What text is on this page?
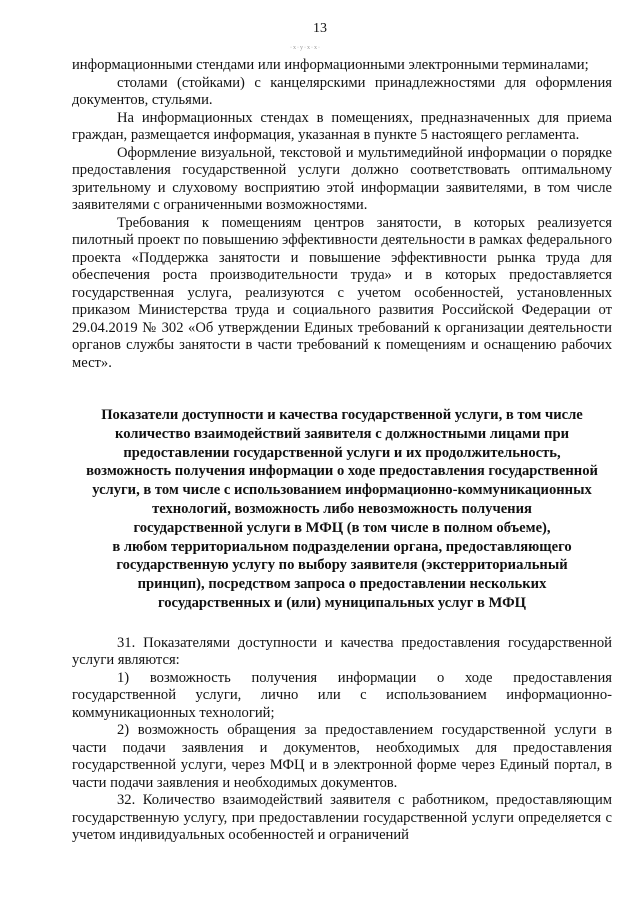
13
·x·y·x·x·

информационными стендами или информационными электронными терминалами;

столами (стойками) с канцелярскими принадлежностями для оформления документов, стульями.

На информационных стендах в помещениях, предназначенных для приема граждан, размещается информация, указанная в пункте 5 настоящего регламента.

Оформление визуальной, текстовой и мультимедийной информации о порядке предоставления государственной услуги должно соответствовать оптимальному зрительному и слуховому восприятию этой информации заявителями, в том числе заявителями с ограниченными возможностями.

Требования к помещениям центров занятости, в которых реализуется пилотный проект по повышению эффективности деятельности в рамках федерального проекта «Поддержка занятости и повышение эффективности рынка труда для обеспечения роста производительности труда» и в которых предоставляется государственная услуга, реализуются с учетом особенностей, установленных приказом Министерства труда и социального развития Российской Федерации от 29.04.2019 № 302 «Об утверждении Единых требований к организации деятельности органов службы занятости в части требований к помещениям и оснащению рабочих мест».

Показатели доступности и качества государственной услуги, в том числе
количество взаимодействий заявителя с должностными лицами при
предоставлении государственной услуги и их продолжительность,
возможность получения информации о ходе предоставления государственной
услуги, в том числе с использованием информационно-коммуникационных
технологий, возможность либо невозможность получения
государственной услуги в МФЦ (в том числе в полном объеме),
в любом территориальном подразделении органа, предоставляющего
государственную услугу по выбору заявителя (экстерриториальный
принцип), посредством запроса о предоставлении нескольких
государственных и (или) муниципальных услуг в МФЦ

31. Показателями доступности и качества предоставления государственной услуги являются:

1) возможность получения информации о ходе предоставления государственной услуги, лично или с использованием информационно-коммуникационных технологий;

2) возможность обращения за предоставлением государственной услуги в части подачи заявления и документов, необходимых для предоставления государственной услуги, через МФЦ и в электронной форме через Единый портал, в части подачи заявления и необходимых документов.

32. Количество взаимодействий заявителя с работником, предоставляющим государственную услугу, при предоставлении государственной услуги определяется с учетом индивидуальных особенностей и ограничений
